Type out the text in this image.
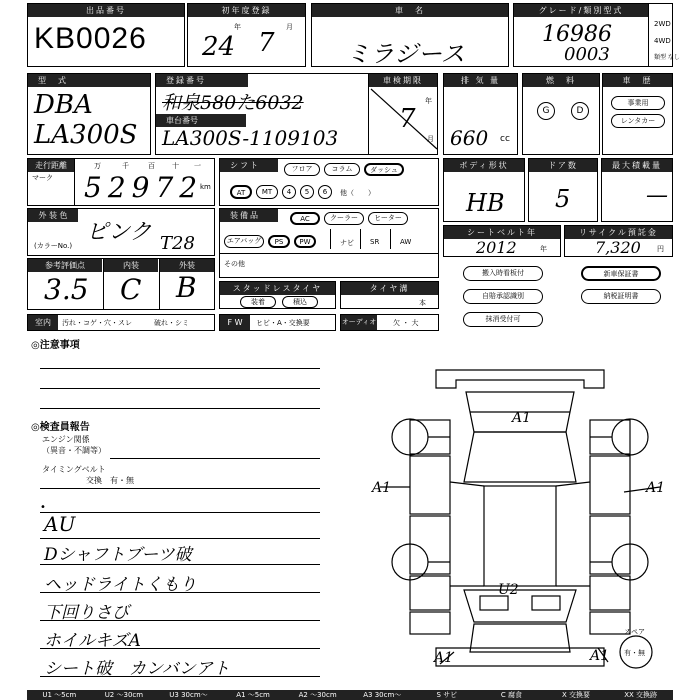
出品番号
KB0026
初年度登録
年	月
24 7
車　名
ミラジース
グレード/類別型式
2WD
4WD
類型 なし
16986
0003
型　式
DBA
LA300S
登録番号
和泉580た6032
車台番号
LA300S-1109103
車検期限
年
月
7
排 気 量
660 cc
燃　料
G	D
車　歴
事業用
レンタカー
走行距離
マーク
万	千	百 十 一
52972
km
シフト	フロア	コラム	ダッシュ
AT	MT	4	5	6	他（　　）
ボディ形状
HB
ドア数
5
最大積載量
—
外 装 色
ピンク
(カラーNo.)	T28
装備品	AC	クーラー	ヒーター
エアバッグ	PS	PW	ナビ SR	AW
その他
シートベルト年
2012	年
リサイクル預託金
7,320 円
参考評価点	内装	外装
3.5 C B	スタッドレスタイヤ
装着	積込
タイヤ溝
本
搬入時看板付	新車保証書
自賠承認識別	納税証明書
抹消受付可
室内	汚れ・コゲ・穴・スレ	破れ・シミ	F W	ヒビ・A・交換要	オーディオ 欠 ・ 大
◎注意事項
◎検査員報告
エンジン関係
（異音・不調等）
タイミングベルト
交換　有・無
•
AU
Dシャフトブーツ破
ヘッドライトくもり
下回りさび
ホイルキズA
シート破　カンバンアト
A1
A1	A1
U2
A1	A1
スペア
有・無
U1 ～5cm	U2 ～30cm	U3 30cm～	A1 ～5cm	A2 ～30cm	A3 30cm～	S サビ	C 腐食	X 交換要	XX 交換跡
